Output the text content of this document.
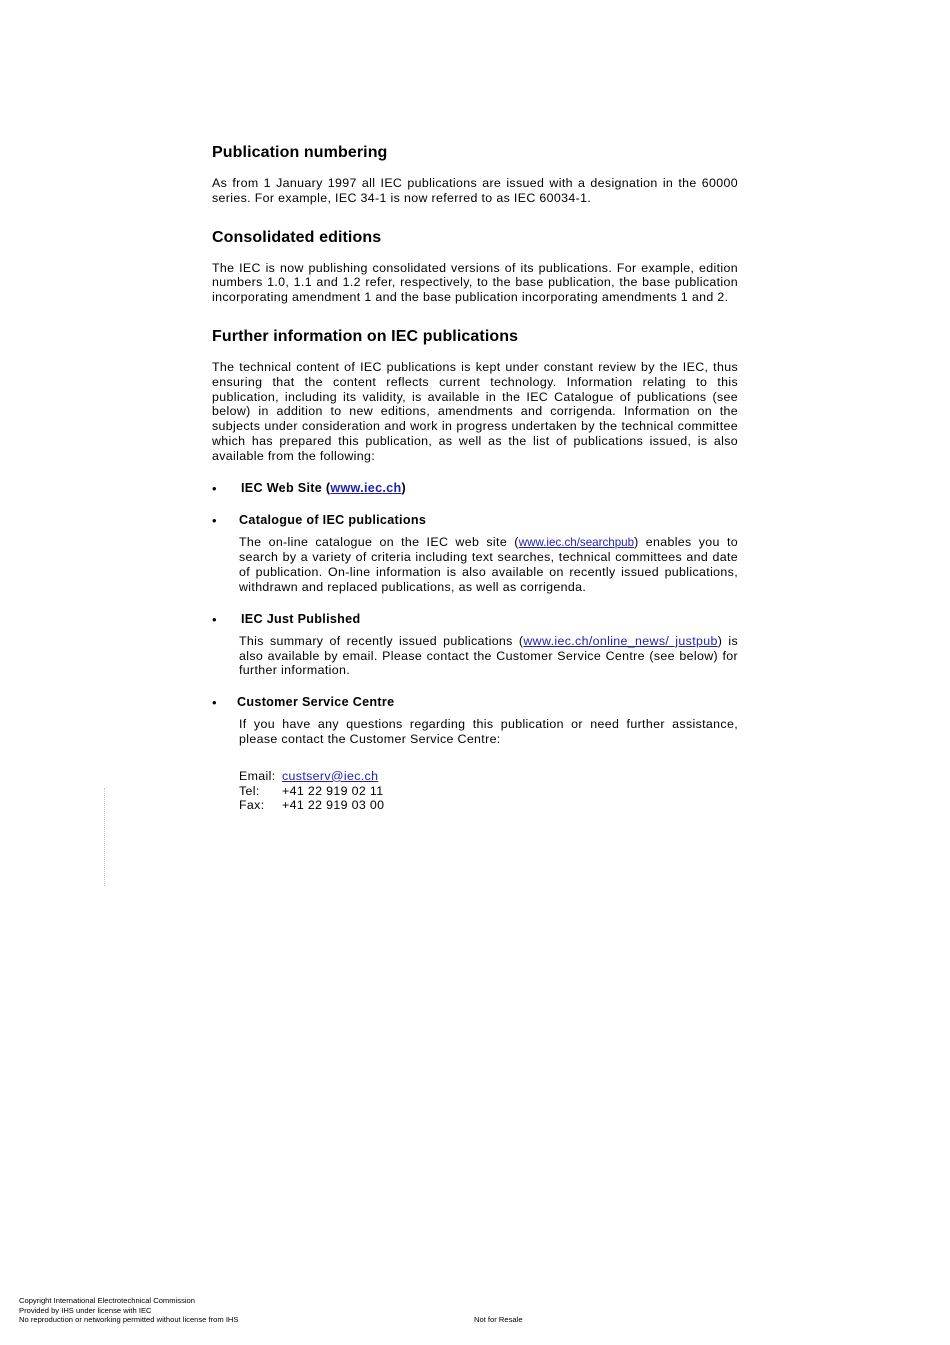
Publication numbering

As from 1 January 1997 all IEC publications are issued with a designation in the 60000 series. For example, IEC 34-1 is now referred to as IEC 60034-1.

Consolidated editions

The IEC is now publishing consolidated versions of its publications. For example, edition numbers 1.0, 1.1 and 1.2 refer, respectively, to the base publication, the base publication incorporating amendment 1 and the base publication incorporating amendments 1 and 2.

Further information on IEC publications

The technical content of IEC publications is kept under constant review by the IEC, thus ensuring that the content reflects current technology. Information relating to this publication, including its validity, is available in the IEC Catalogue of publications (see below) in addition to new editions, amendments and corrigenda. Information on the subjects under consideration and work in progress undertaken by the technical committee which has prepared this publication, as well as the list of publications issued, is also available from the following:

• IEC Web Site (www.iec.ch)
• Catalogue of IEC publications

The on-line catalogue on the IEC web site (www.iec.ch/searchpub) enables you to search by a variety of criteria including text searches, technical committees and date of publication. On-line information is also available on recently issued publications, withdrawn and replaced publications, as well as corrigenda.

• IEC Just Published

This summary of recently issued publications (www.iec.ch/online_news/ justpub) is also available by email. Please contact the Customer Service Centre (see below) for further information.

• Customer Service Centre

If you have any questions regarding this publication or need further assistance, please contact the Customer Service Centre:

Email: custserv@iec.ch
Tel: +41 22 919 02 11
Fax: +41 22 919 03 00
Copyright International Electrotechnical Commission
Provided by IHS under license with IEC
No reproduction or networking permitted without license from IHS	Not for Resale
